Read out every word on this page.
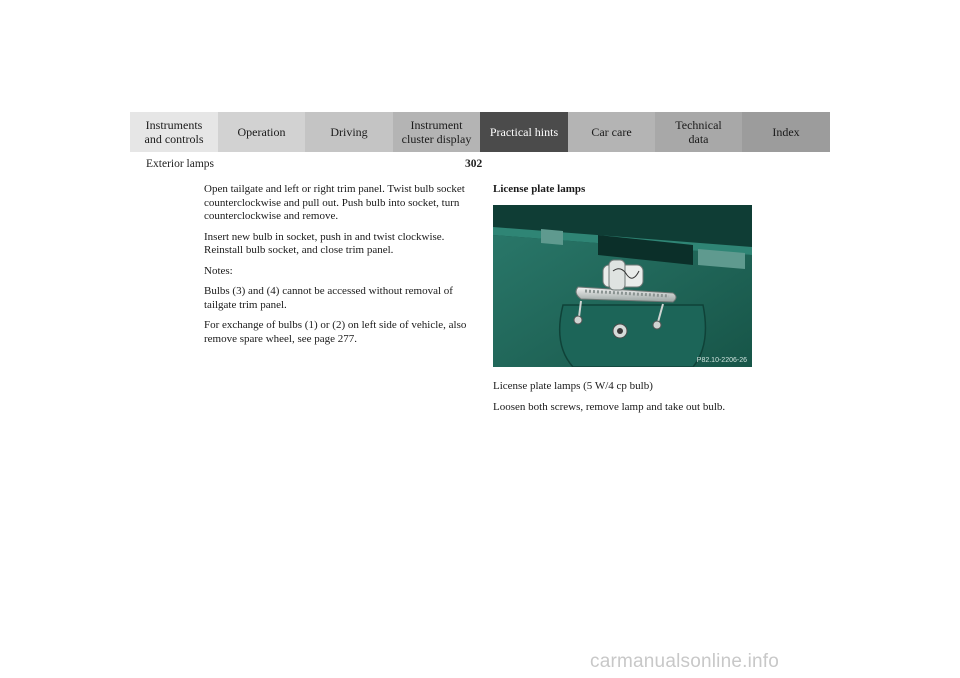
Instruments
and controls	Operation	Driving	Instrument
cluster display Practical hints	Car care	Technical
data	Index
Exterior lamps	302

Open tailgate and left or right trim panel. Twist bulb socket counterclockwise and pull out. Push bulb into socket, turn counterclockwise and remove.

Insert new bulb in socket, push in and twist clockwise. Reinstall bulb socket, and close trim panel.

Notes:

Bulbs (3) and (4) cannot be accessed without removal of tailgate trim panel.

For exchange of bulbs (1) or (2) on left side of vehicle, also remove spare wheel, see page 277.

License plate lamps
P82.10-2206-26

License plate lamps (5 W/4 cp bulb)

Loosen both screws, remove lamp and take out bulb.

carmanualsonline.info
